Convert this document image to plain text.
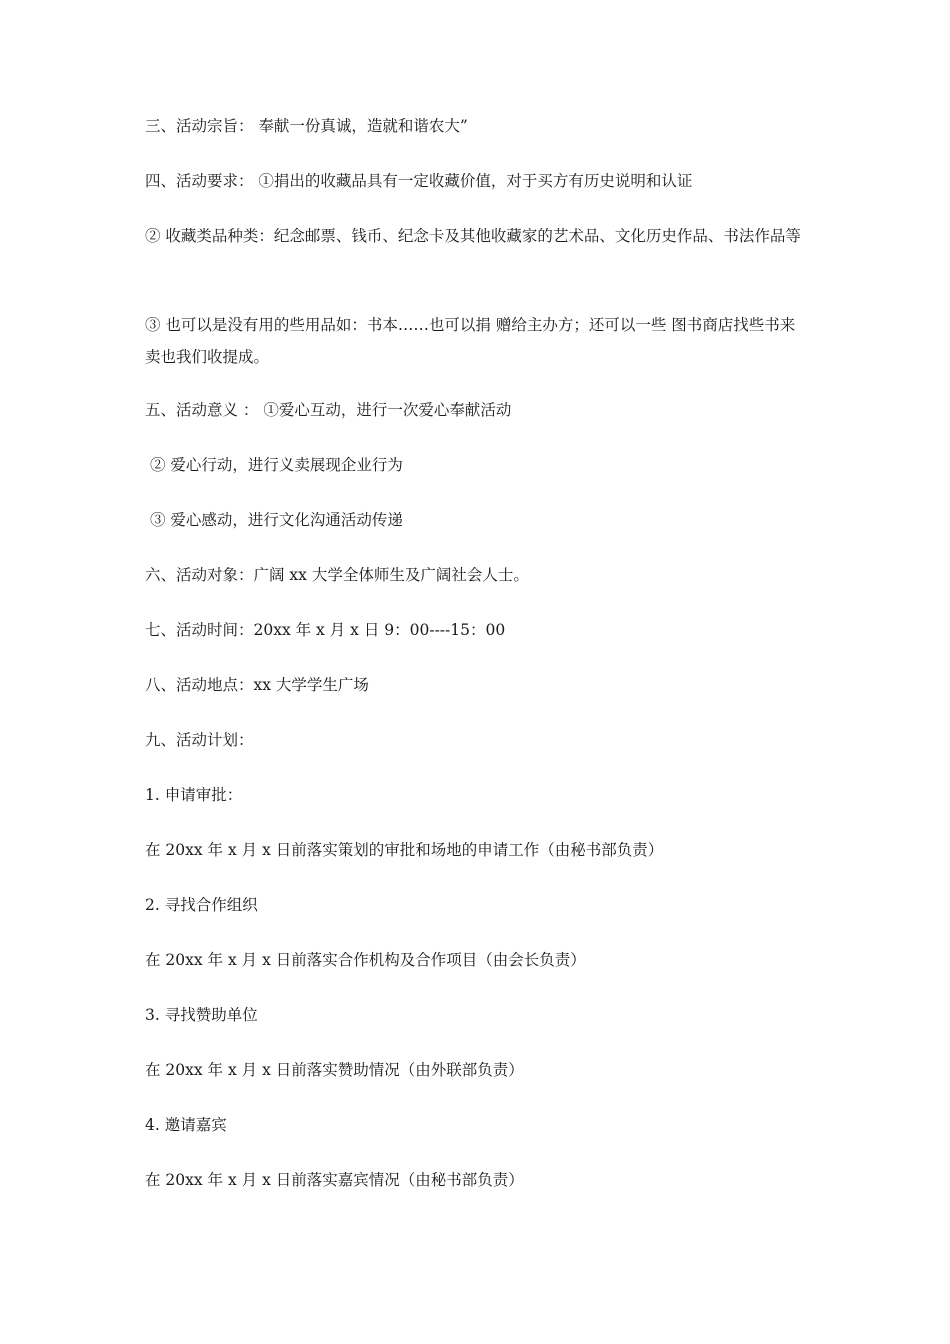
三、活动宗旨： 奉献一份真诚，造就和谐农大”
四、活动要求： ①捐出的收藏品具有一定收藏价值，对于买方有历史说明和认证
② 收藏类品种类：纪念邮票、钱币、纪念卡及其他收藏家的艺术品、文化历史作品、书法作品等
③ 也可以是没有用的些用品如：书本……也可以捐 赠给主办方；还可以一些 图书商店找些书来卖也我们收提成。
五、活动意义 ： ①爱心互动，进行一次爱心奉献活动
② 爱心行动，进行义卖展现企业行为
③ 爱心感动，进行文化沟通活动传递
六、活动对象：广阔 xx 大学全体师生及广阔社会人士。
七、活动时间：20xx 年 x 月 x 日 9：00----15：00
八、活动地点：xx 大学学生广场
九、活动计划：
1. 申请审批：
在 20xx 年 x 月 x 日前落实策划的审批和场地的申请工作（由秘书部负责）
2. 寻找合作组织
在 20xx 年 x 月 x 日前落实合作机构及合作项目（由会长负责）
3. 寻找赞助单位
在 20xx 年 x 月 x 日前落实赞助情况（由外联部负责）
4. 邀请嘉宾
在 20xx 年 x 月 x 日前落实嘉宾情况（由秘书部负责）
